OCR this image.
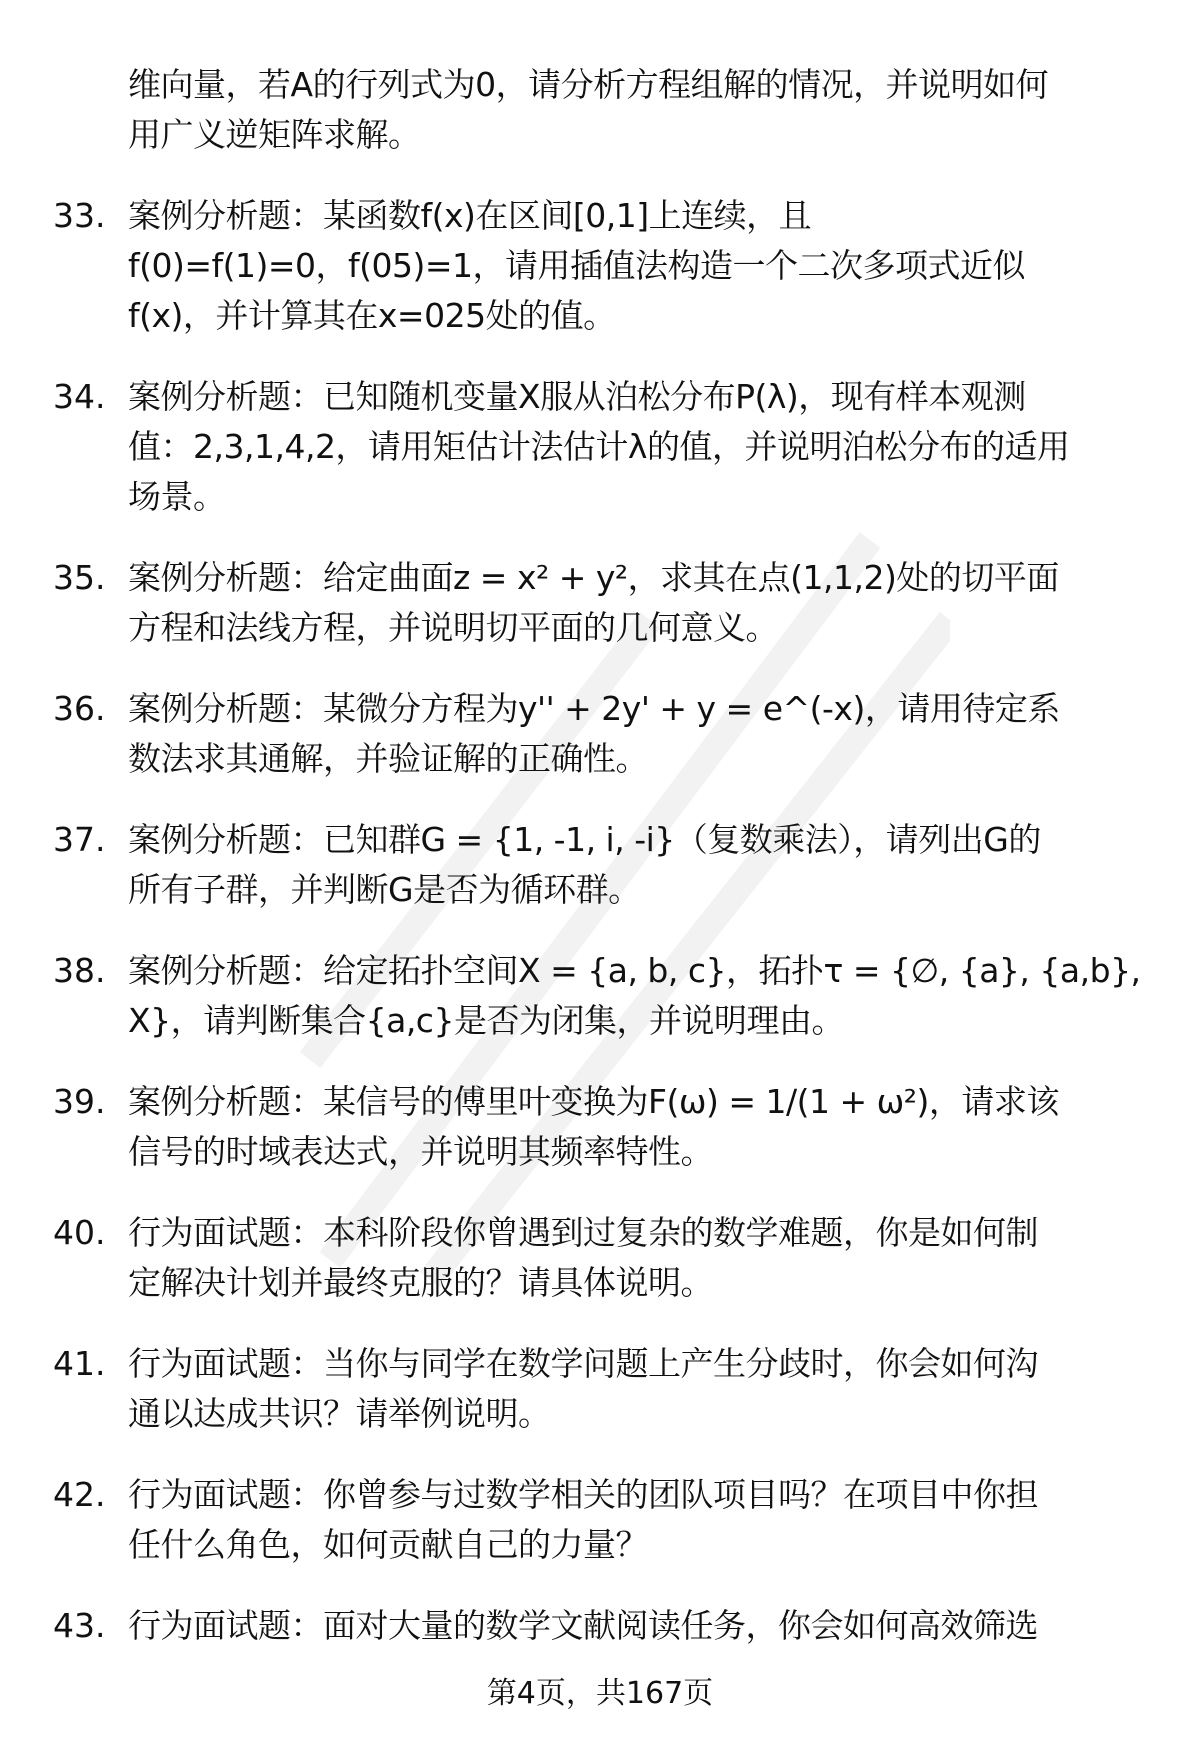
维向量，若A的行列式为0，请分析方程组解的情况，并说明如何
用广义逆矩阵求解。
33. 案例分析题：某函数f(x)在区间[0,1]上连续，且
f(0)=f(1)=0，f(05)=1，请用插值法构造一个二次多项式近似
f(x)，并计算其在x=025处的值。
34. 案例分析题：已知随机变量X服从泊松分布P(λ)，现有样本观测
值：2,3,1,4,2，请用矩估计法估计λ的值，并说明泊松分布的适用
场景。
35. 案例分析题：给定曲面z = x² + y²，求其在点(1,1,2)处的切平面
方程和法线方程，并说明切平面的几何意义。
36. 案例分析题：某微分方程为y'' + 2y' + y = e^(-x)，请用待定系
数法求其通解，并验证解的正确性。
37. 案例分析题：已知群G = {1, -1, i, -i}（复数乘法），请列出G的
所有子群，并判断G是否为循环群。
38. 案例分析题：给定拓扑空间X = {a, b, c}，拓扑τ = {∅, {a}, {a,b},
X}，请判断集合{a,c}是否为闭集，并说明理由。
39. 案例分析题：某信号的傅里叶变换为F(ω) = 1/(1 + ω²)，请求该
信号的时域表达式，并说明其频率特性。
40. 行为面试题：本科阶段你曾遇到过复杂的数学难题，你是如何制
定解决计划并最终克服的？请具体说明。
41. 行为面试题：当你与同学在数学问题上产生分歧时，你会如何沟
通以达成共识？请举例说明。
42. 行为面试题：你曾参与过数学相关的团队项目吗？在项目中你担
任什么角色，如何贡献自己的力量？
43. 行为面试题：面对大量的数学文献阅读任务，你会如何高效筛选
第4页，共167页
